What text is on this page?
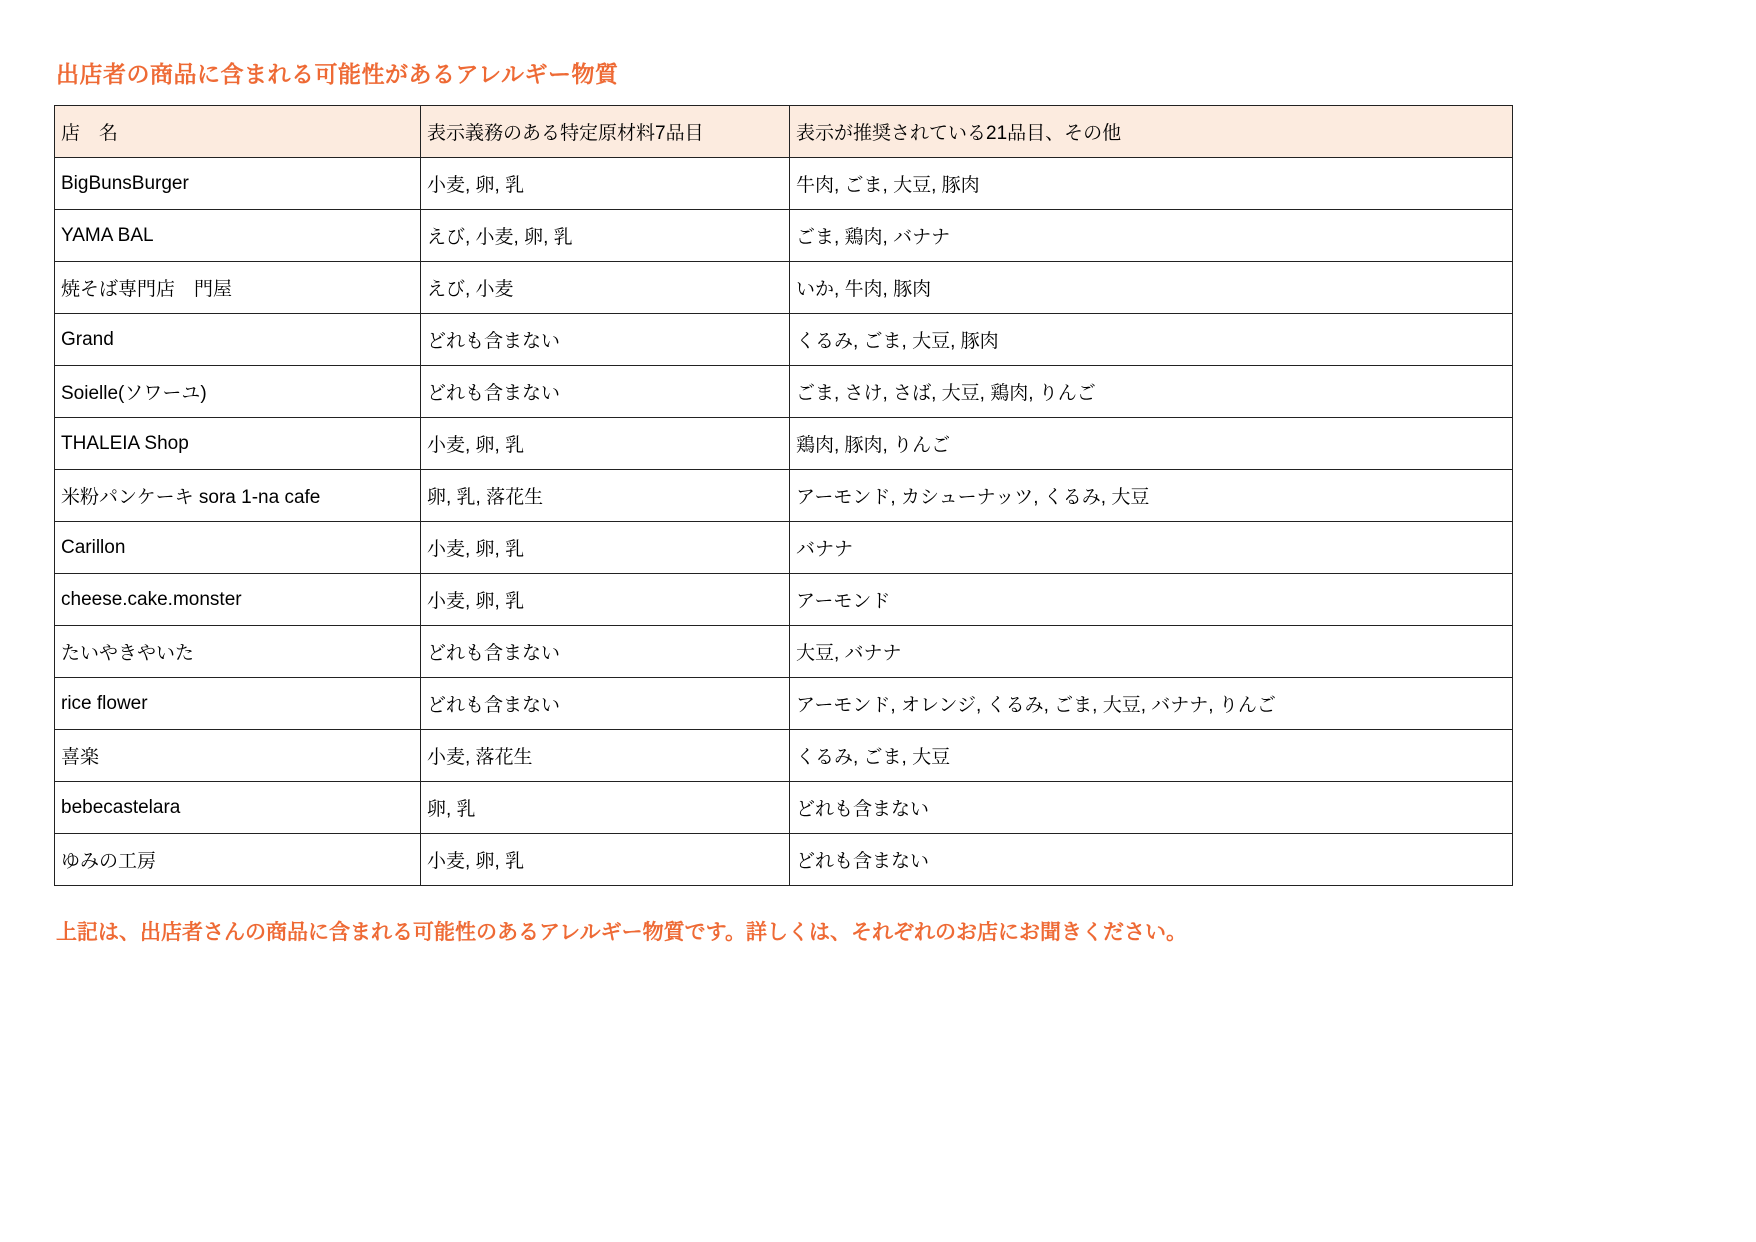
出店者の商品に含まれる可能性があるアレルギー物質
店　名	表示義務のある特定原材料7品目	表示が推奨されている21品目、その他
BigBunsBurger	小麦, 卵, 乳	牛肉, ごま, 大豆, 豚肉
YAMA BAL	えび, 小麦, 卵, 乳	ごま, 鶏肉, バナナ
焼そば専門店　門屋	えび, 小麦	いか, 牛肉, 豚肉
Grand	どれも含まない	くるみ, ごま, 大豆, 豚肉
Soielle(ソワーユ)	どれも含まない	ごま, さけ, さば, 大豆, 鶏肉, りんご
THALEIA Shop	小麦, 卵, 乳	鶏肉, 豚肉, りんご
米粉パンケーキ sora 1-na cafe	卵, 乳, 落花生	アーモンド, カシューナッツ, くるみ, 大豆
Carillon	小麦, 卵, 乳	バナナ
cheese.cake.monster	小麦, 卵, 乳	アーモンド
たいやきやいた	どれも含まない	大豆, バナナ
rice flower	どれも含まない	アーモンド, オレンジ, くるみ, ごま, 大豆, バナナ, りんご
喜楽	小麦, 落花生	くるみ, ごま, 大豆
bebecastelara	卵, 乳	どれも含まない
ゆみの工房	小麦, 卵, 乳	どれも含まない

上記は、出店者さんの商品に含まれる可能性のあるアレルギー物質です。詳しくは、それぞれのお店にお聞きください。
